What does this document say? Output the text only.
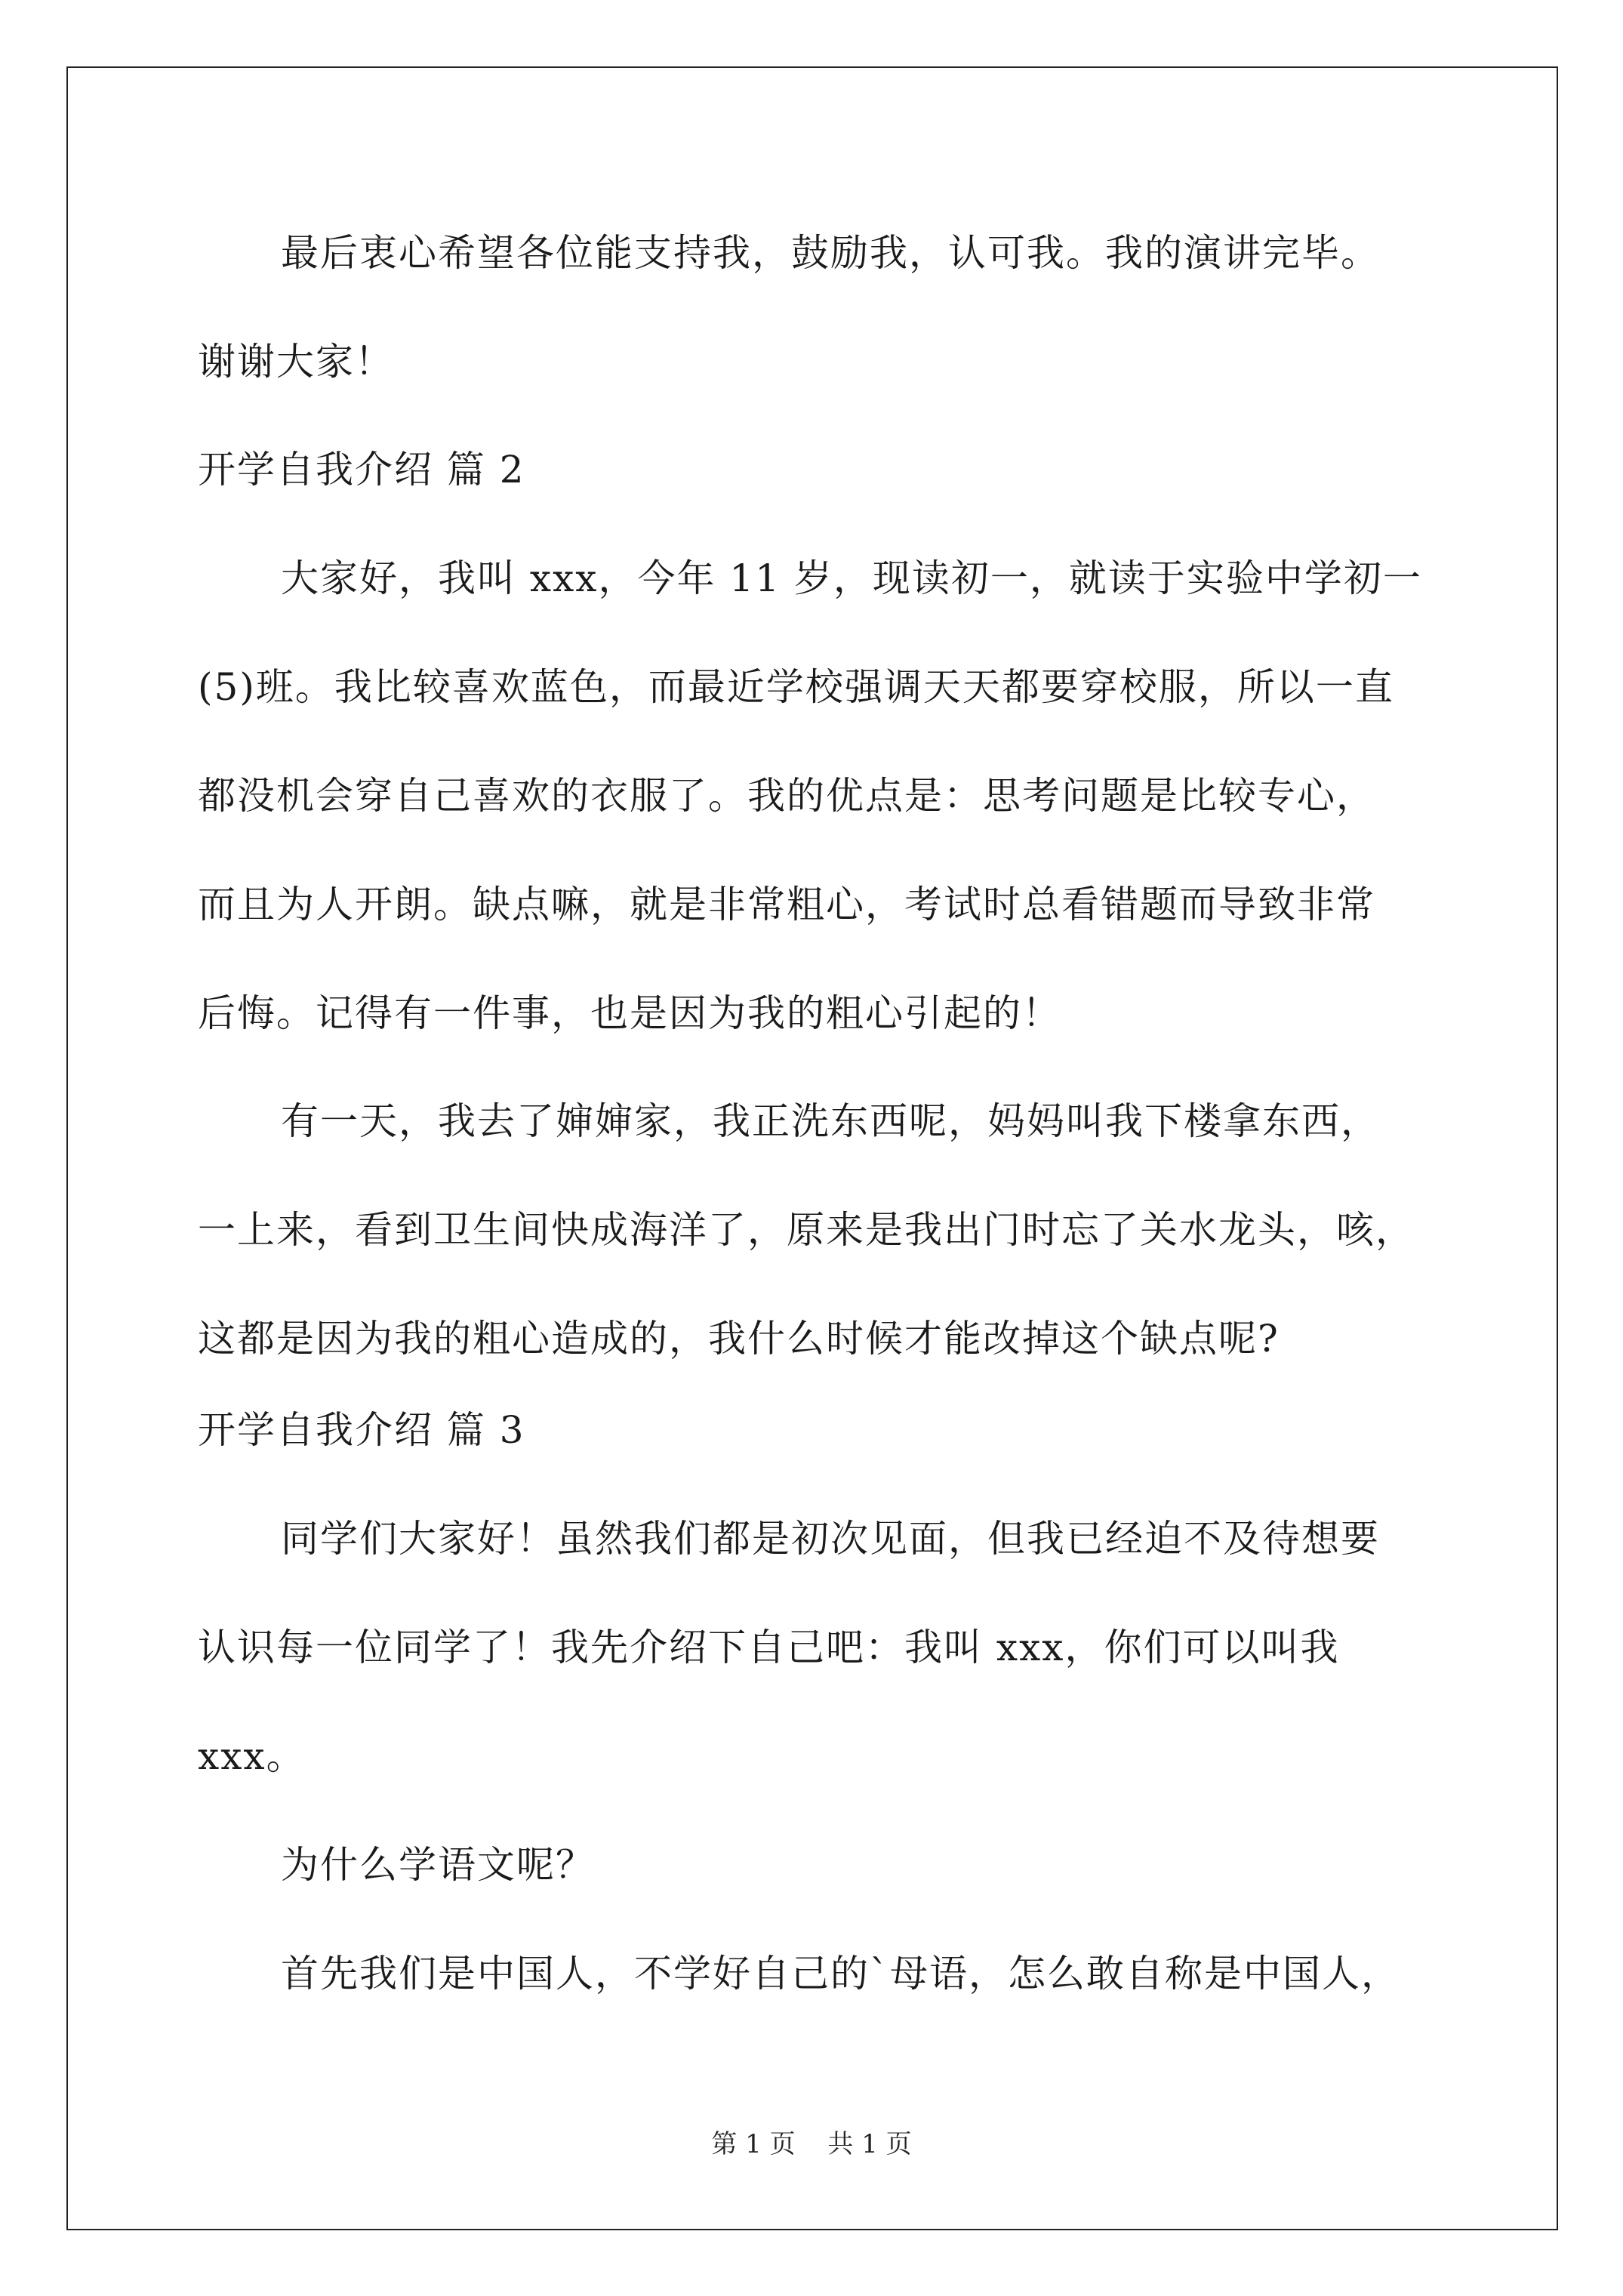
最后衷心希望各位能支持我，鼓励我，认可我。我的演讲完毕。
谢谢大家！
开学自我介绍 篇 2
大家好，我叫 xxx，今年 11 岁，现读初一，就读于实验中学初一
(5)班。我比较喜欢蓝色，而最近学校强调天天都要穿校服，所以一直
都没机会穿自己喜欢的衣服了。我的优点是：思考问题是比较专心，
而且为人开朗。缺点嘛，就是非常粗心，考试时总看错题而导致非常
后悔。记得有一件事，也是因为我的粗心引起的！
有一天，我去了婶婶家，我正洗东西呢，妈妈叫我下楼拿东西，
一上来，看到卫生间快成海洋了，原来是我出门时忘了关水龙头，咳，
这都是因为我的粗心造成的，我什么时候才能改掉这个缺点呢?
开学自我介绍 篇 3
同学们大家好！虽然我们都是初次见面，但我已经迫不及待想要
认识每一位同学了！我先介绍下自己吧：我叫 xxx，你们可以叫我
xxx。
为什么学语文呢？
首先我们是中国人，不学好自己的`母语，怎么敢自称是中国人，
第 1 页 共 1 页
